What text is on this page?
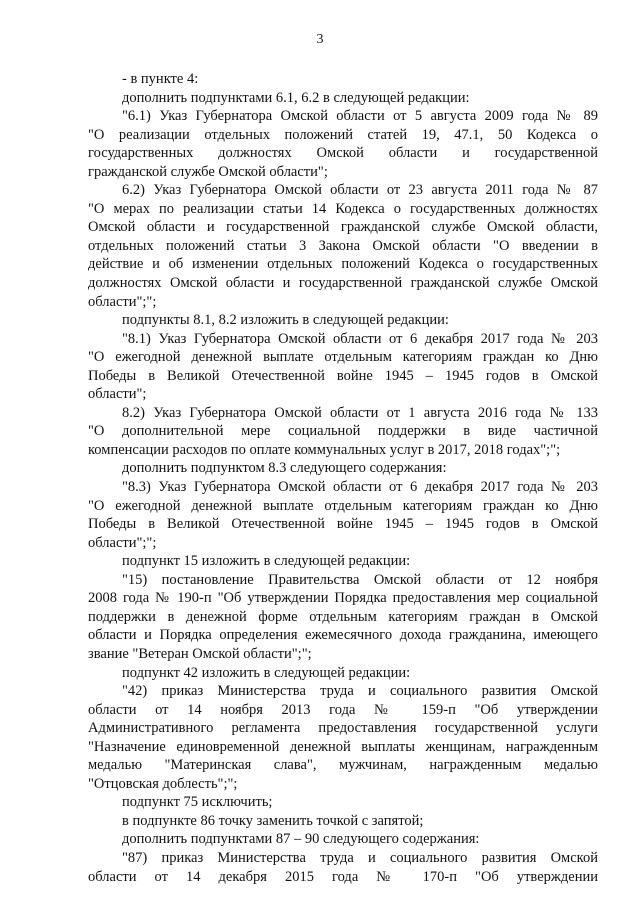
3
- в пункте 4:
дополнить подпунктами 6.1, 6.2 в следующей редакции:
"6.1) Указ Губернатора Омской области от 5 августа 2009 года № 89
"О реализации отдельных положений статей 19, 47.1, 50 Кодекса о
государственных должностях Омской области и государственной
гражданской службе Омской области";
6.2) Указ Губернатора Омской области от 23 августа 2011 года № 87
"О мерах по реализации статьи 14 Кодекса о государственных должностях
Омской области и государственной гражданской службе Омской области,
отдельных положений статьи 3 Закона Омской области "О введении в
действие и об изменении отдельных положений Кодекса о государственных
должностях Омской области и государственной гражданской службе Омской
области";";
подпункты 8.1, 8.2 изложить в следующей редакции:
"8.1) Указ Губернатора Омской области от 6 декабря 2017 года № 203
"О ежегодной денежной выплате отдельным категориям граждан ко Дню
Победы в Великой Отечественной войне 1945 – 1945 годов в Омской
области";
8.2) Указ Губернатора Омской области от 1 августа 2016 года № 133
"О дополнительной мере социальной поддержки в виде частичной
компенсации расходов по оплате коммунальных услуг в 2017, 2018 годах";";
дополнить подпунктом 8.3 следующего содержания:
"8.3) Указ Губернатора Омской области от 6 декабря 2017 года № 203
"О ежегодной денежной выплате отдельным категориям граждан ко Дню
Победы в Великой Отечественной войне 1945 – 1945 годов в Омской
области";";
подпункт 15 изложить в следующей редакции:
"15) постановление Правительства Омской области от 12 ноября
2008 года № 190-п "Об утверждении Порядка предоставления мер социальной
поддержки в денежной форме отдельным категориям граждан в Омской
области и Порядка определения ежемесячного дохода гражданина, имеющего
звание "Ветеран Омской области";";
подпункт 42 изложить в следующей редакции:
"42) приказ Министерства труда и социального развития Омской
области от 14 ноября 2013 года № 159-п "Об утверждении
Административного регламента предоставления государственной услуги
"Назначение единовременной денежной выплаты женщинам, награжденным
медалью "Материнская слава", мужчинам, награжденным медалью
"Отцовская доблесть";";
подпункт 75 исключить;
в подпункте 86 точку заменить точкой с запятой;
дополнить подпунктами 87 – 90 следующего содержания:
"87) приказ Министерства труда и социального развития Омской
области от 14 декабря 2015 года № 170-п "Об утверждении
